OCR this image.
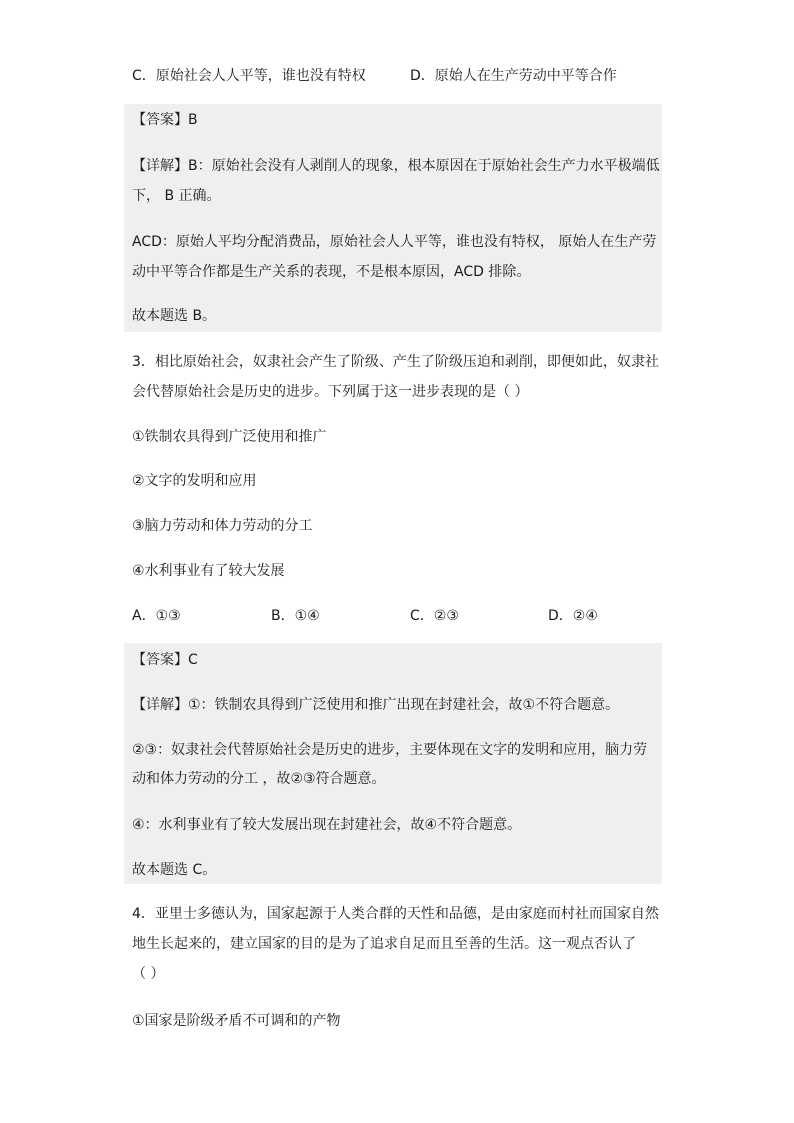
C．原始社会人人平等，谁也没有特权	D．原始人在生产劳动中平等合作
【答案】B
【详解】B：原始社会没有人剥削人的现象，根本原因在于原始社会生产力水平极端低
下， B 正确。
ACD：原始人平均分配消费品，原始社会人人平等，谁也没有特权， 原始人在生产劳
动中平等合作都是生产关系的表现，不是根本原因，ACD 排除。
故本题选 B。
3．相比原始社会，奴隶社会产生了阶级、产生了阶级压迫和剥削，即便如此，奴隶社
会代替原始社会是历史的进步。下列属于这一进步表现的是（ ）
①铁制农具得到广泛使用和推广
②文字的发明和应用
③脑力劳动和体力劳动的分工
④水利事业有了较大发展
A．①③	B．①④	C．②③	D．②④
【答案】C
【详解】①：铁制农具得到广泛使用和推广出现在封建社会，故①不符合题意。
②③：奴隶社会代替原始社会是历史的进步，主要体现在文字的发明和应用，脑力劳
动和体力劳动的分工 ，故②③符合题意。
④：水利事业有了较大发展出现在封建社会，故④不符合题意。
故本题选 C。
4．亚里士多德认为，国家起源于人类合群的天性和品德，是由家庭而村社而国家自然
地生长起来的，建立国家的目的是为了追求自足而且至善的生活。这一观点否认了
（ ）
①国家是阶级矛盾不可调和的产物
